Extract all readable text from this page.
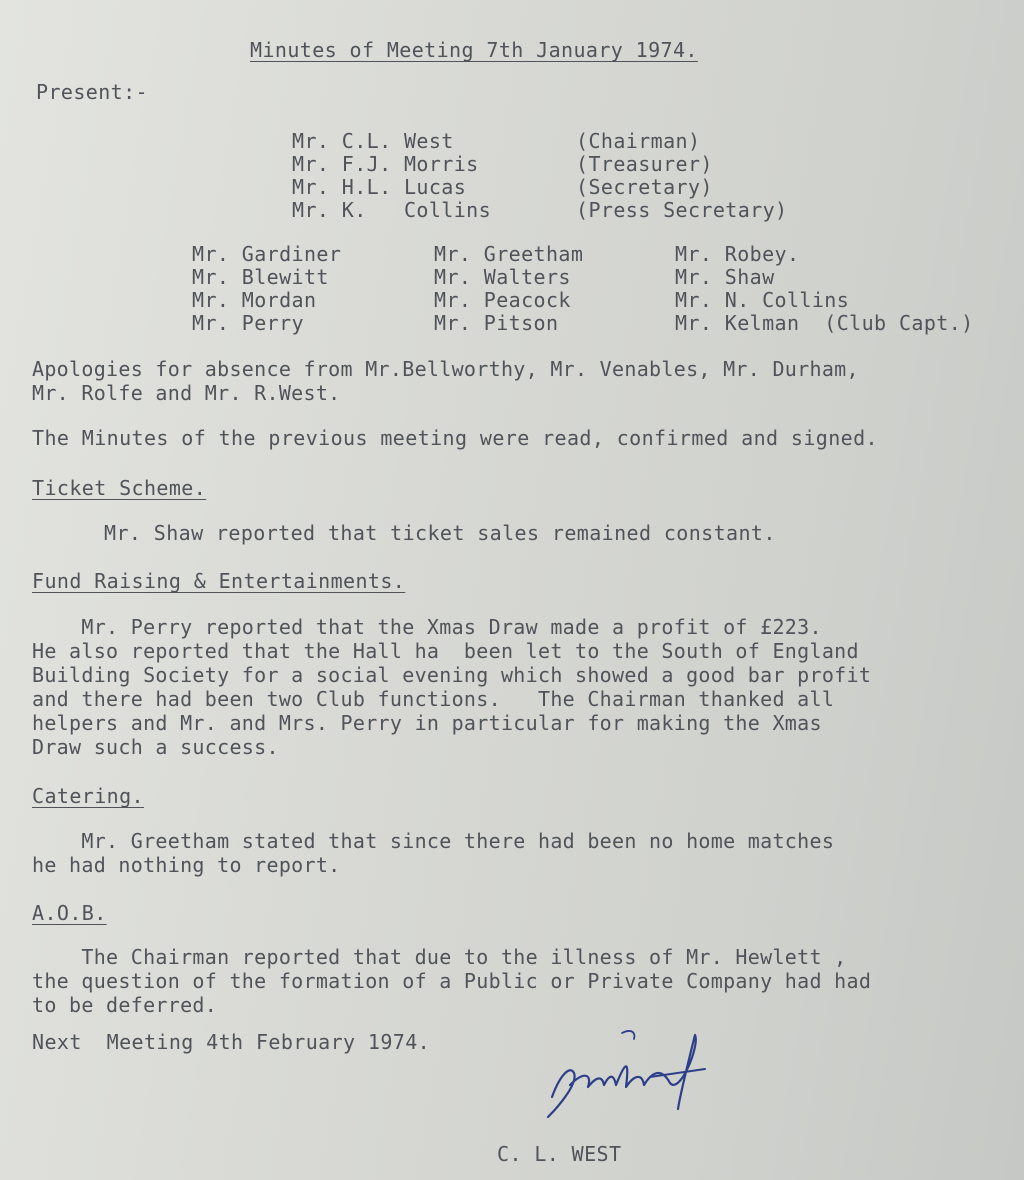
Minutes of Meeting 7th January 1974.
Present:-
Mr. C.L. West
Mr. F.J. Morris
Mr. H.L. Lucas
Mr. K.   Collins
(Chairman)
(Treasurer)
(Secretary)
(Press Secretary)
Mr. Gardiner
Mr. Blewitt
Mr. Mordan
Mr. Perry
Mr. Greetham
Mr. Walters
Mr. Peacock
Mr. Pitson
Mr. Robey.
Mr. Shaw
Mr. N. Collins
Mr. Kelman  (Club Capt.)
Apologies for absence from Mr.Bellworthy, Mr. Venables, Mr. Durham,
Mr. Rolfe and Mr. R.West.
The Minutes of the previous meeting were read, confirmed and signed.
Ticket Scheme.
Mr. Shaw reported that ticket sales remained constant.
Fund Raising & Entertainments.
Mr. Perry reported that the Xmas Draw made a profit of £223.
He also reported that the Hall ha  been let to the South of England
Building Society for a social evening which showed a good bar profit
and there had been two Club functions.   The Chairman thanked all
helpers and Mr. and Mrs. Perry in particular for making the Xmas
Draw such a success.
Catering.
Mr. Greetham stated that since there had been no home matches
he had nothing to report.
A.O.B.
The Chairman reported that due to the illness of Mr. Hewlett ,
the question of the formation of a Public or Private Company had had
to be deferred.
Next  Meeting 4th February 1974.
C. L. WEST
